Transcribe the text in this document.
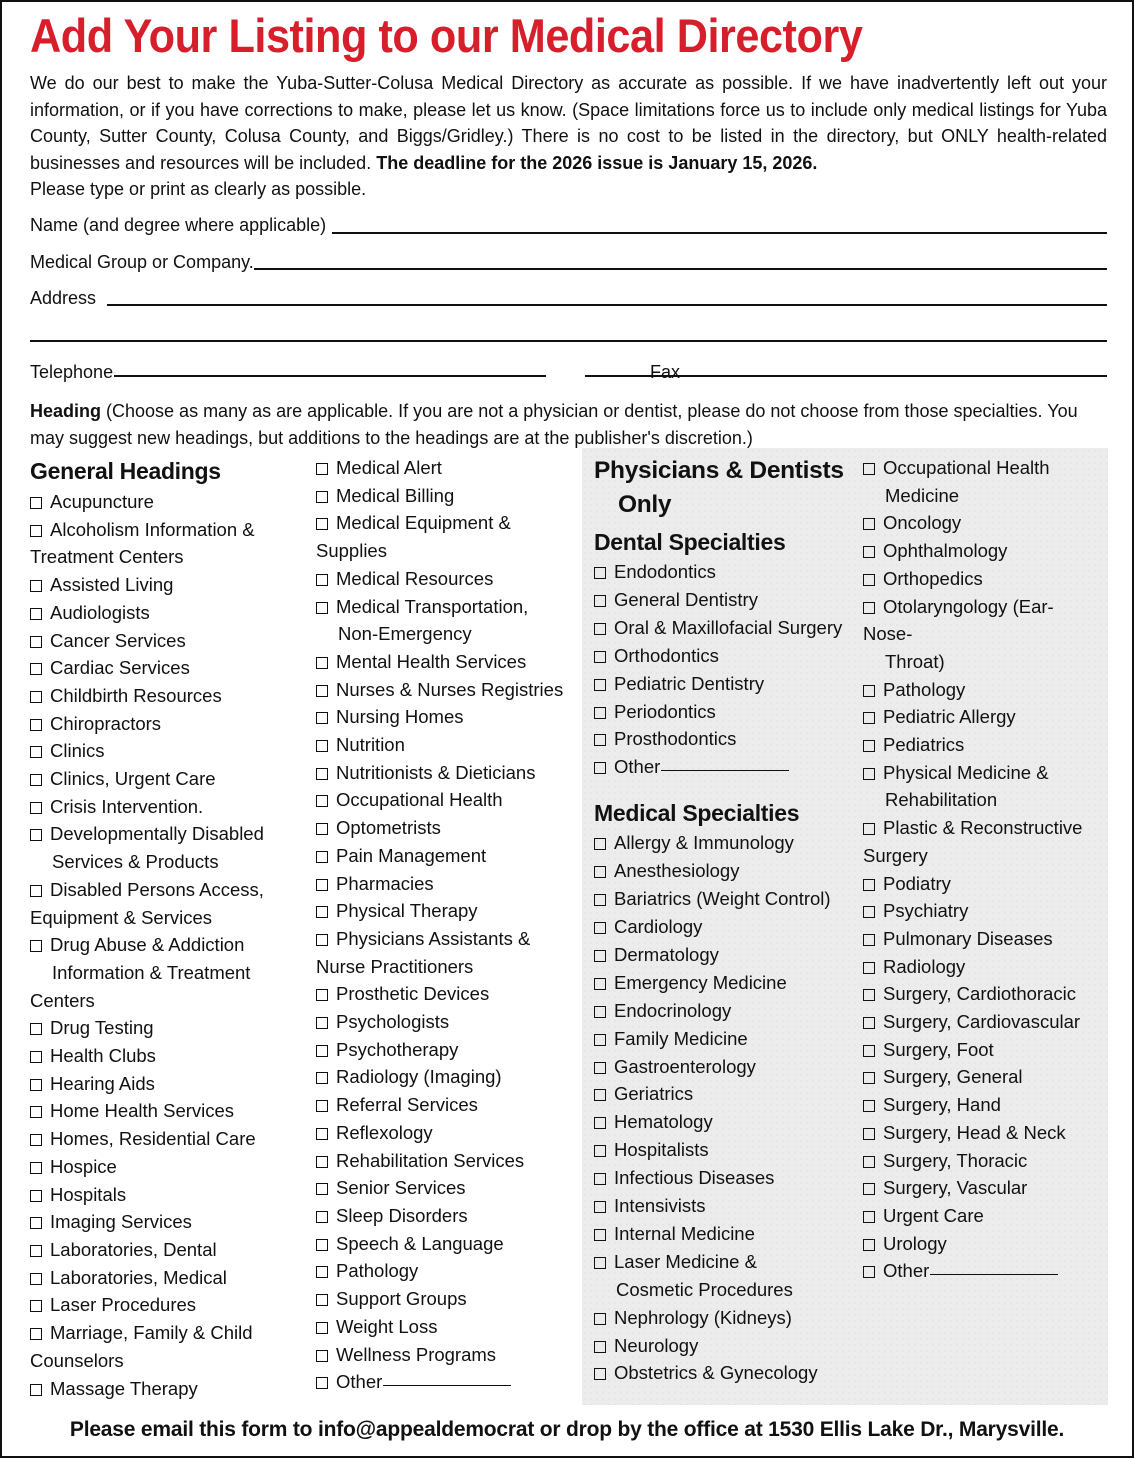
Add Your Listing to our Medical Directory

We do our best to make the Yuba-Sutter-Colusa Medical Directory as accurate as possible. If we have inadvertently left out your information, or if you have corrections to make, please let us know. (Space limitations force us to include only medical listings for Yuba County, Sutter County, Colusa County, and Biggs/Gridley.) There is no cost to be listed in the directory, but ONLY health-related businesses and resources will be included. The deadline for the 2026 issue is January 15, 2026.

Please type or print as clearly as possible.

Name (and degree where applicable)
Medical Group or Company.
Address
Telephone	Fax

Heading (Choose as many as are applicable. If you are not a physician or dentist, please do not choose from those specialties. You may suggest new headings, but additions to the headings are at the publisher's discretion.)

General Headings
Acupuncture
Alcoholism Information &
Treatment Centers
Assisted Living
Audiologists
Cancer Services
Cardiac Services
Childbirth Resources
Chiropractors
Clinics
Clinics, Urgent Care
Crisis Intervention.
Developmentally Disabled
Services & Products
Disabled Persons Access,
Equipment & Services
Drug Abuse & Addiction
Information & Treatment
Centers
Drug Testing
Health Clubs
Hearing Aids
Home Health Services
Homes, Residential Care
Hospice
Hospitals
Imaging Services
Laboratories, Dental
Laboratories, Medical
Laser Procedures
Marriage, Family & Child
Counselors
Massage Therapy
Medical Alert
Medical Billing
Medical Equipment &
Supplies
Medical Resources
Medical Transportation,
Non-Emergency
Mental Health Services
Nurses & Nurses Registries
Nursing Homes
Nutrition
Nutritionists & Dieticians
Occupational Health
Optometrists
Pain Management
Pharmacies
Physical Therapy
Physicians Assistants &
Nurse Practitioners
Prosthetic Devices
Psychologists
Psychotherapy
Radiology (Imaging)
Referral Services
Reflexology
Rehabilitation Services
Senior Services
Sleep Disorders
Speech & Language
Pathology
Support Groups
Weight Loss
Wellness Programs
Other
Physicians & Dentists
Only
Dental Specialties
Endodontics
General Dentistry
Oral & Maxillofacial Surgery
Orthodontics
Pediatric Dentistry
Periodontics
Prosthodontics
Other
Medical Specialties
Allergy & Immunology
Anesthesiology
Bariatrics (Weight Control)
Cardiology
Dermatology
Emergency Medicine
Endocrinology
Family Medicine
Gastroenterology
Geriatrics
Hematology
Hospitalists
Infectious Diseases
Intensivists
Internal Medicine
Laser Medicine &
Cosmetic Procedures
Nephrology (Kidneys)
Neurology
Obstetrics & Gynecology
Occupational Health
Medicine
Oncology
Ophthalmology
Orthopedics
Otolaryngology (Ear-Nose-
Throat)
Pathology
Pediatric Allergy
Pediatrics
Physical Medicine &
Rehabilitation
Plastic & Reconstructive
Surgery
Podiatry
Psychiatry
Pulmonary Diseases
Radiology
Surgery, Cardiothoracic
Surgery, Cardiovascular
Surgery, Foot
Surgery, General
Surgery, Hand
Surgery, Head & Neck
Surgery, Thoracic
Surgery, Vascular
Urgent Care
Urology
Other

Please email this form to info@appealdemocrat or drop by the office at 1530 Ellis Lake Dr., Marysville.
